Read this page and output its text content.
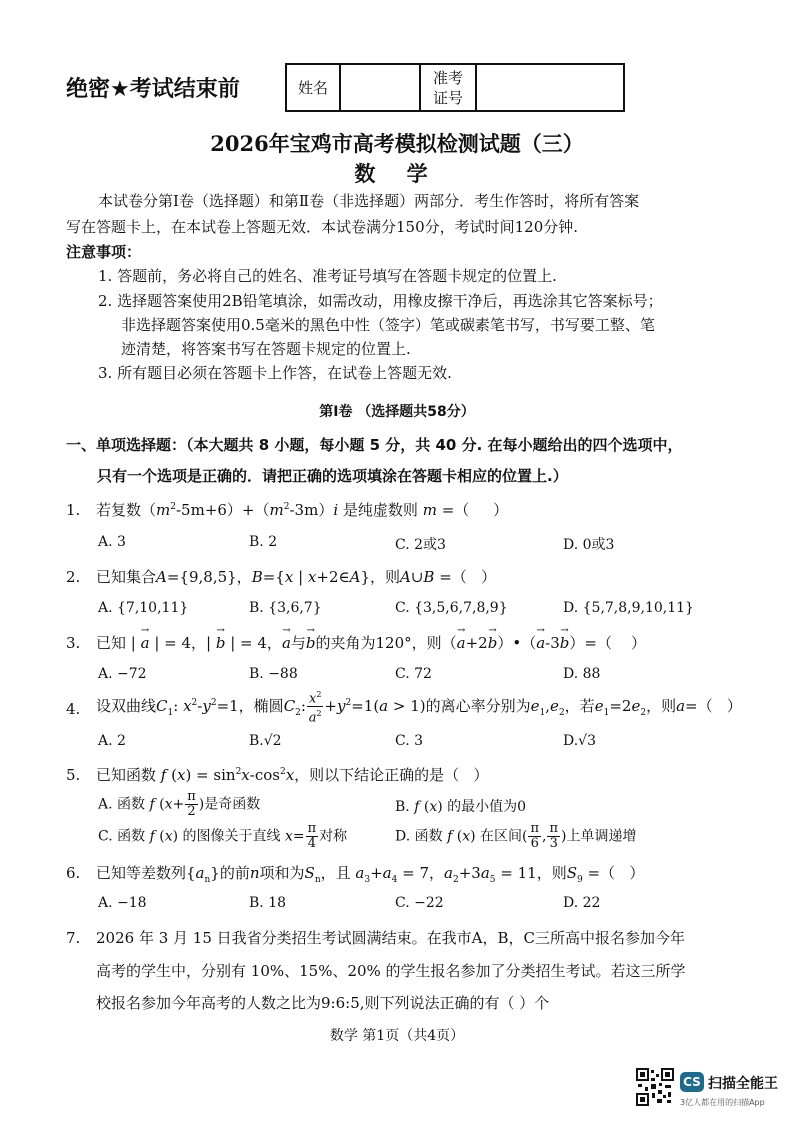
绝密★考试结束前	姓名		准考
证号	
2026年宝鸡市高考模拟检测试题（三）
数 学
本试卷分第Ⅰ卷（选择题）和第Ⅱ卷（非选择题）两部分．考生作答时，将所有答案
写在答题卡上，在本试卷上答题无效．本试卷满分150分，考试时间120分钟.
注意事项：
1. 答题前，务必将自己的姓名、准考证号填写在答题卡规定的位置上.
2. 选择题答案使用2B铅笔填涂，如需改动，用橡皮擦干净后，再选涂其它答案标号；
非选择题答案使用0.5毫米的黑色中性（签字）笔或碳素笔书写，书写要工整、笔
迹清楚，将答案书写在答题卡规定的位置上.
3. 所有题目必须在答题卡上作答，在试卷上答题无效.
第Ⅰ卷 （选择题共58分）
一、单项选择题：（本大题共 8 小题，每小题 5 分，共 40 分. 在每小题给出的四个选项中，
只有一个选项是正确的．请把正确的选项填涂在答题卡相应的位置上.）
1. 若复数$(m^2-5m+6)+(m^2-3m)i$ 是纯虚数则 m =（     ）
A. 3	B. 2	C. 2或3	D. 0或3
2. 已知集合A={9,8,5}，B={x | x+2∈A}，则A∪B =（   ）
A. {7,10,11}	B. {3,6,7}	C. {3,5,6,7,8,9}	D. {5,7,8,9,10,11}
3. 已知 | → a | = 4，| → b | = 4，→ a与→ b的夹角为120°，则（→ a+2→ b）•（→ a-3→ b）=（    ）
A. −72	B. −88	C. 72	D. 88
4. 设双曲线$C_1$: $x^2-y^2=1$，椭圆$C_2$: $\frac{x^2}{a^2} +y^2=1(a > 1)$的离心率分别为$e_1,e_2$，若$e_1=2e_2$，则a=（   ）
A. 2	B.√2	C. 3	D.√3
5. 已知函数 f $(x) = \sin^2x-\cos^2x$，则以下结论正确的是（   ）
A. 函数 f ($x+ \frac{\pi}{2}$ )是奇函数	B. f (x) 的最小值为0
C. 函数 f (x) 的图像关于直线 $x= \frac{\pi}{4}$ 对称	D. 函数 f (x) 在区间( $\frac{\pi}{6}$ , $\frac{\pi}{3}$ )上单调递增
6. 已知等差数列$\{a_n\}$的前n项和为$S_n$，且 $a_3+a_4 = 7$，$a_2+3a_5 = 11$，则$S_9$ =（   ）
A. −18	B. 18	C. −22	D. 22
7. 2026 年 3 月 15 日我省分类招生考试圆满结束。在我市A，B，C三所高中报名参加今年
高考的学生中，分别有 10%、15%、20% 的学生报名参加了分类招生考试。若这三所学
校报名参加今年高考的人数之比为9:6:5,则下列说法正确的有（ ）个
数学 第1页（共4页）
CS 扫描全能王
3亿人都在用的扫描App
